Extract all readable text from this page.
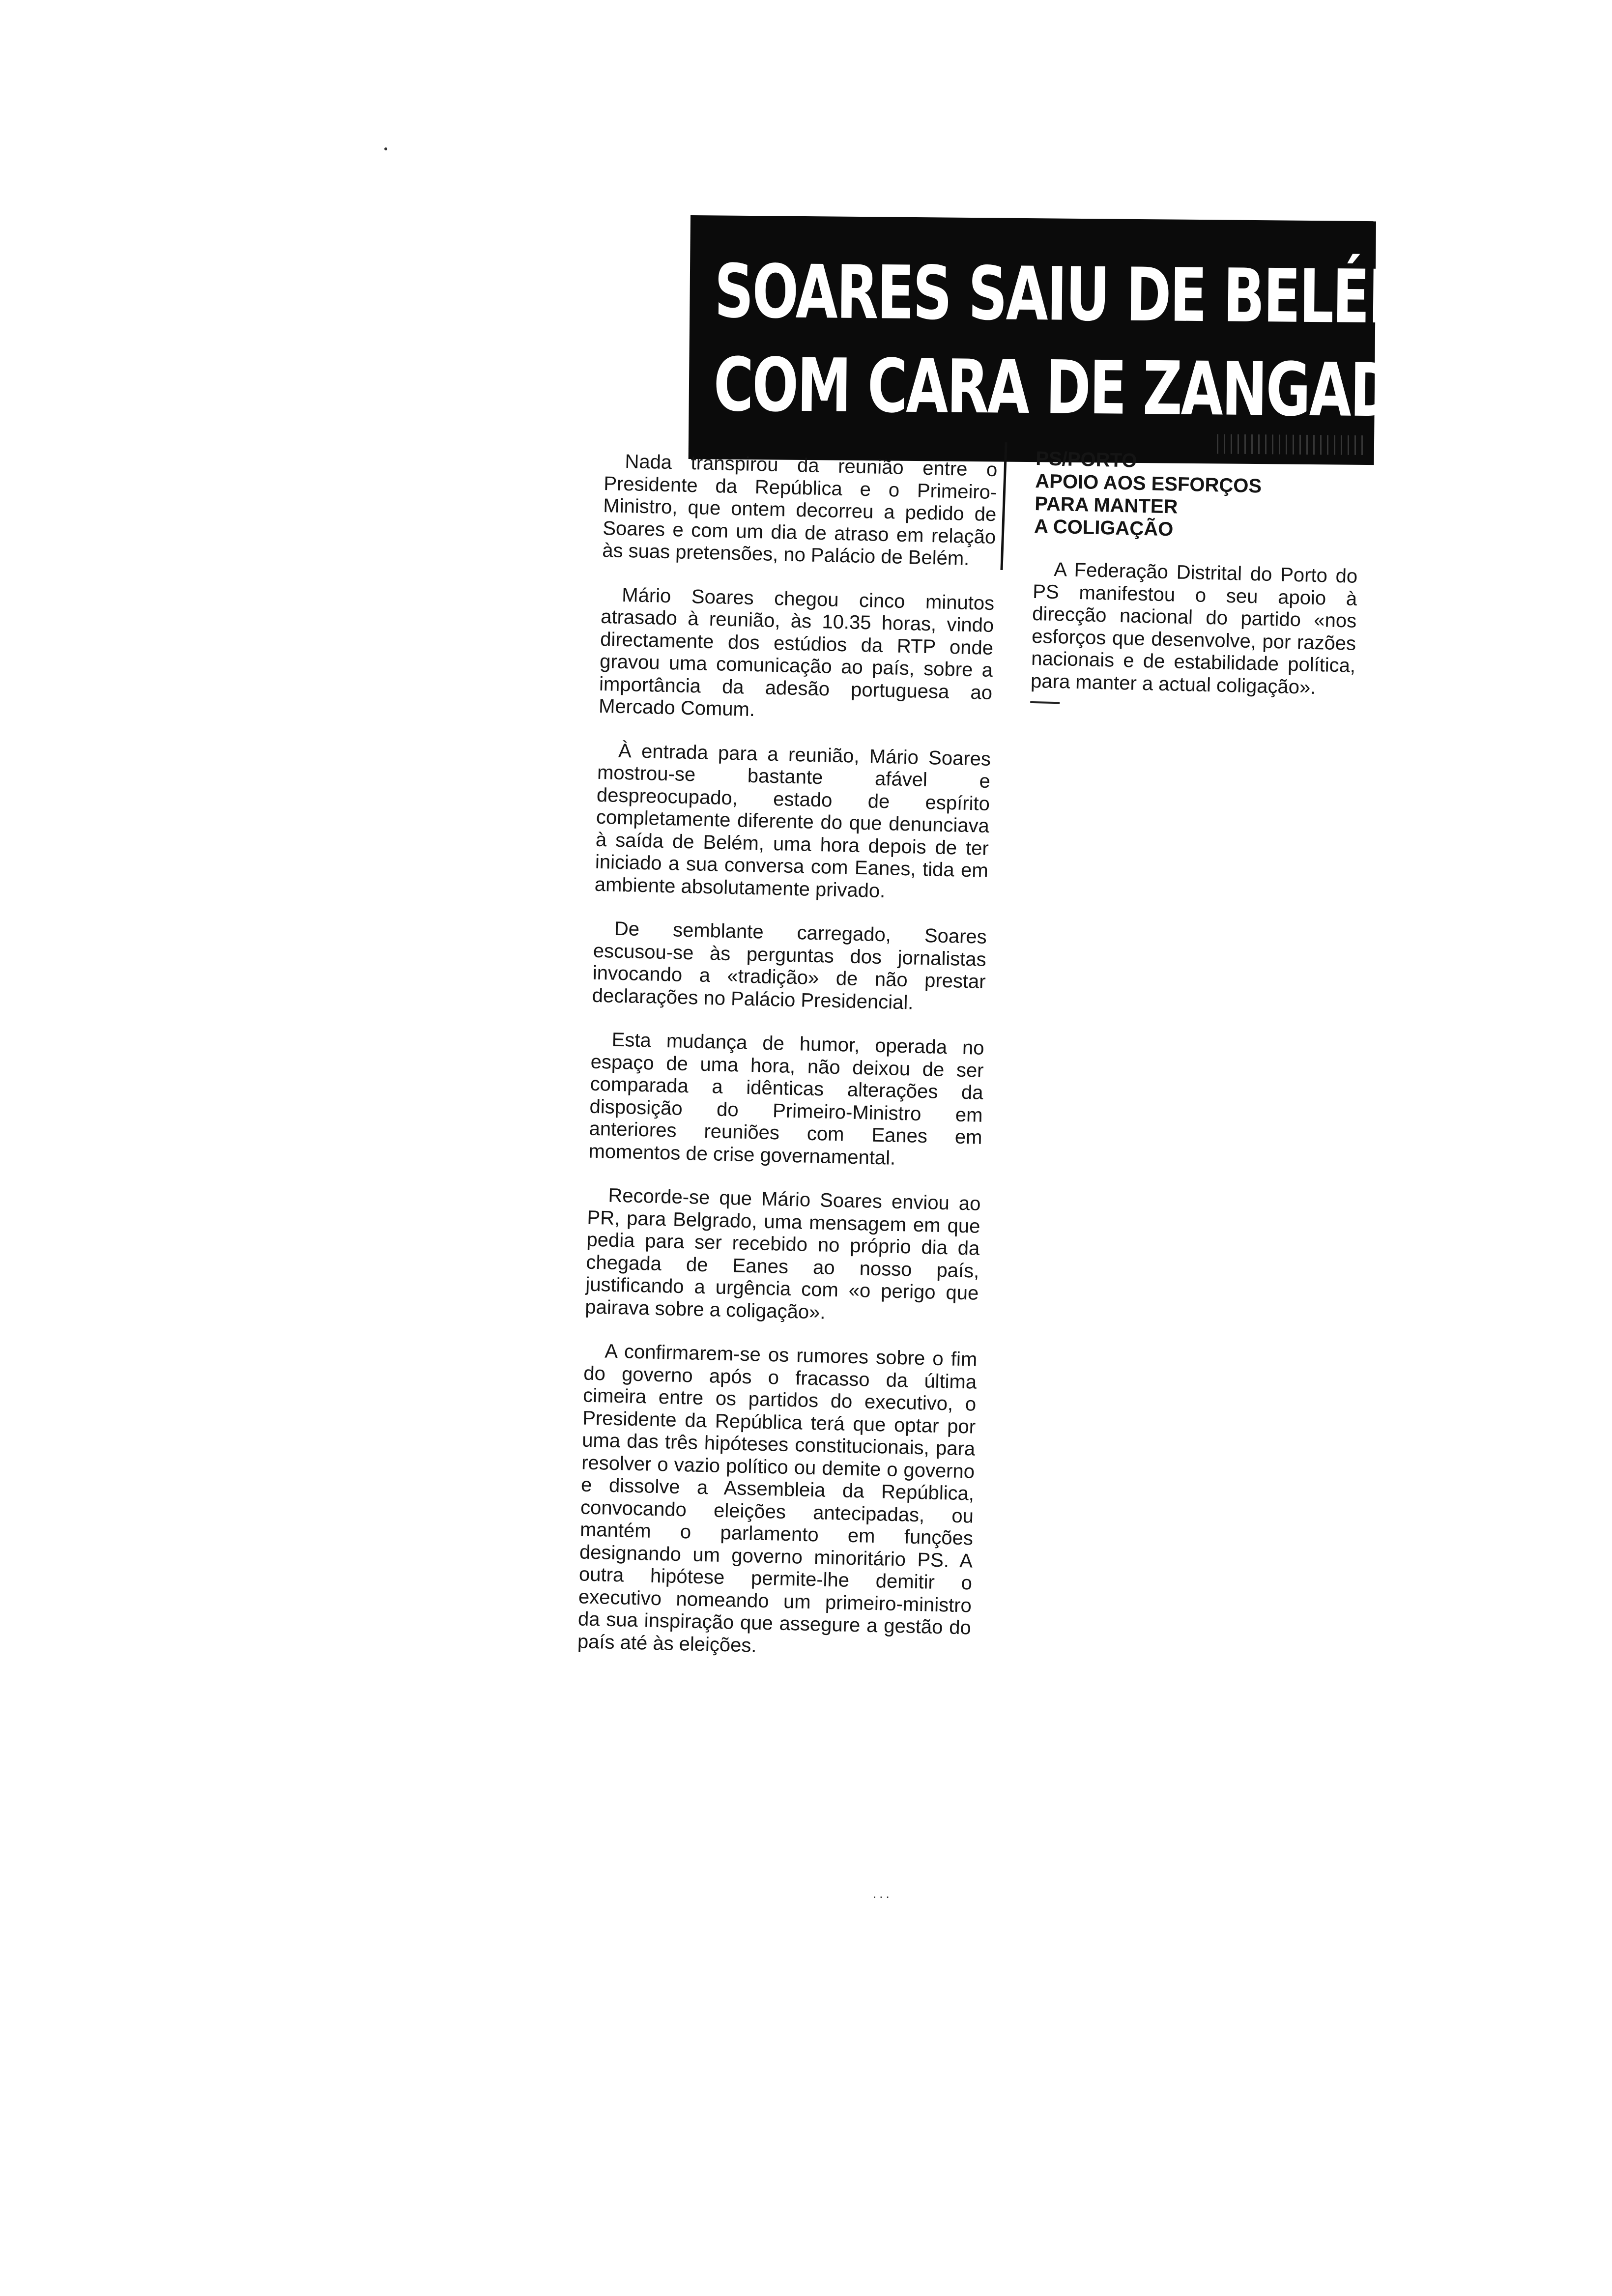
SOARES SAIU DE BELÉM
COM CARA DE ZANGADO

Nada transpirou da reunião entre o Presidente da República e o Primeiro-Ministro, que ontem decorreu a pedido de Soares e com um dia de atraso em relação às suas pretensões, no Palácio de Belém.

Mário Soares chegou cinco minutos atrasado à reunião, às 10.35 horas, vindo directamente dos estúdios da RTP onde gravou uma comunicação ao país, sobre a importância da adesão portuguesa ao Mercado Comum.

À entrada para a reunião, Mário Soares mostrou-se bastante afável e despreocupado, estado de espírito completamente diferente do que denunciava à saída de Belém, uma hora depois de ter iniciado a sua conversa com Eanes, tida em ambiente absolutamente privado.

De semblante carregado, Soares escusou-se às perguntas dos jornalistas invocando a «tradição» de não prestar declarações no Palácio Presidencial.

Esta mudança de humor, operada no espaço de uma hora, não deixou de ser comparada a idênticas alterações da disposição do Primeiro-Ministro em anteriores reuniões com Eanes em momentos de crise governamental.

Recorde-se que Mário Soares enviou ao PR, para Belgrado, uma mensagem em que pedia para ser recebido no próprio dia da chegada de Eanes ao nosso país, justificando a urgência com «o perigo que pairava sobre a coligação».

A confirmarem-se os rumores sobre o fim do governo após o fracasso da última cimeira entre os partidos do executivo, o Presidente da República terá que optar por uma das três hipóteses constitucionais, para resolver o vazio político ou demite o governo e dissolve a Assembleia da República, convocando eleições antecipadas, ou mantém o parlamento em funções designando um governo minoritário PS. A outra hipótese permite-lhe demitir o executivo nomeando um primeiro-ministro da sua inspiração que assegure a gestão do país até às eleições.

PS/PORTO
APOIO AOS ESFORÇOS
PARA MANTER
A COLIGAÇÃO

A Federação Distrital do Porto do PS manifestou o seu apoio à direcção nacional do partido «nos esforços que desenvolve, por razões nacionais e de estabilidade política, para manter a actual coligação».

...
